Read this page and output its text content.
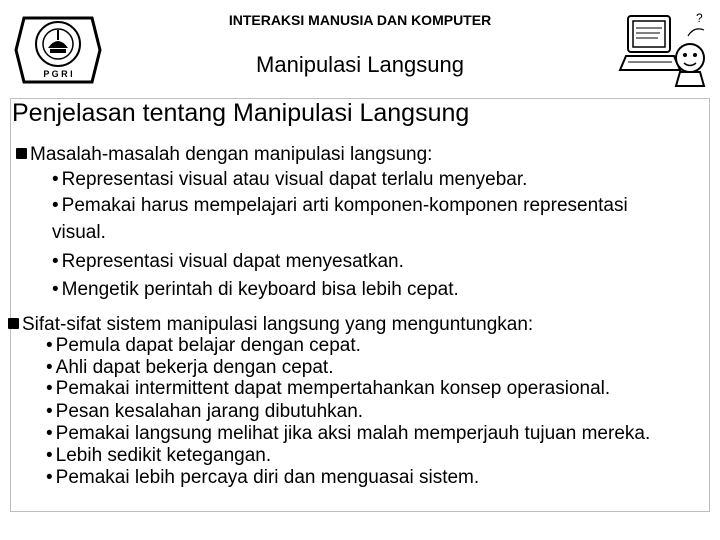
INTERAKSI MANUSIA DAN KOMPUTER
Manipulasi Langsung
P G R I
?
Penjelasan tentang Manipulasi Langsung
Masalah-masalah dengan manipulasi langsung:
• Representasi visual atau visual dapat terlalu menyebar.
• Pemakai harus mempelajari arti komponen-komponen representasi
visual.
• Representasi visual dapat menyesatkan.
• Mengetik perintah di keyboard bisa lebih cepat.
Sifat-sifat sistem manipulasi langsung yang menguntungkan:
• Pemula dapat belajar dengan cepat.
• Ahli dapat bekerja dengan cepat.
• Pemakai intermittent dapat mempertahankan konsep operasional.
• Pesan kesalahan jarang dibutuhkan.
• Pemakai langsung melihat jika aksi malah memperjauh tujuan mereka.
• Lebih sedikit ketegangan.
• Pemakai lebih percaya diri dan menguasai sistem.
